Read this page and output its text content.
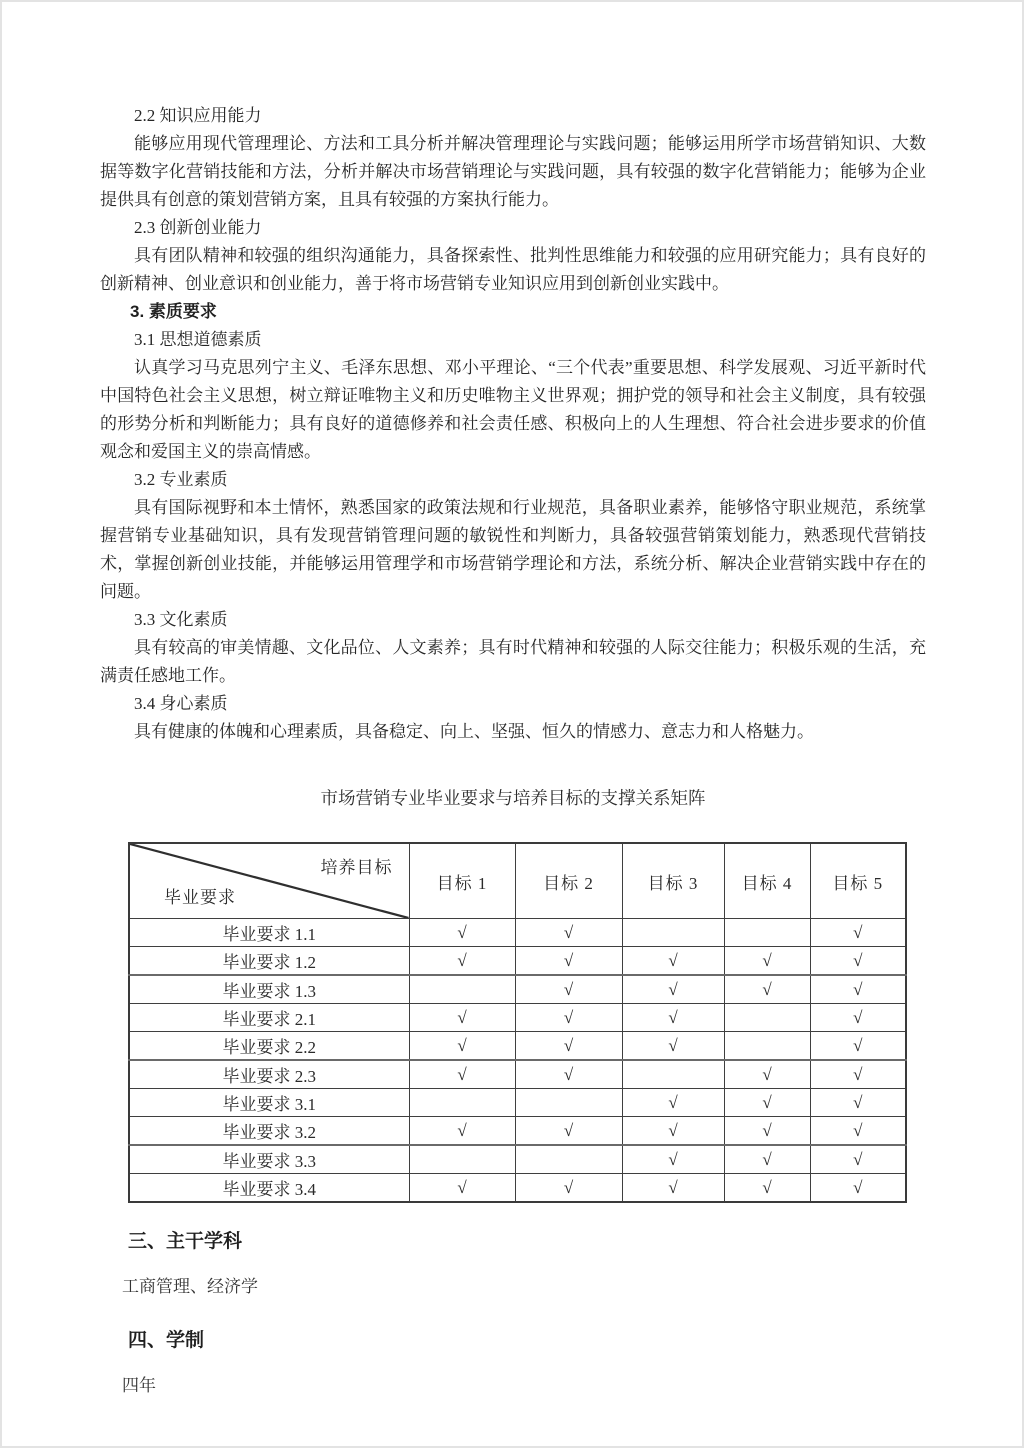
2.2 知识应用能力

能够应用现代管理理论、方法和工具分析并解决管理理论与实践问题；能够运用所学市场营销知识、大数据等数字化营销技能和方法，分析并解决市场营销理论与实践问题，具有较强的数字化营销能力；能够为企业提供具有创意的策划营销方案，且具有较强的方案执行能力。

2.3 创新创业能力

具有团队精神和较强的组织沟通能力，具备探索性、批判性思维能力和较强的应用研究能力；具有良好的创新精神、创业意识和创业能力，善于将市场营销专业知识应用到创新创业实践中。

3. 素质要求

3.1 思想道德素质

认真学习马克思列宁主义、毛泽东思想、邓小平理论、“三个代表”重要思想、科学发展观、习近平新时代中国特色社会主义思想，树立辩证唯物主义和历史唯物主义世界观；拥护党的领导和社会主义制度，具有较强的形势分析和判断能力；具有良好的道德修养和社会责任感、积极向上的人生理想、符合社会进步要求的价值观念和爱国主义的崇高情感。

3.2 专业素质

具有国际视野和本土情怀，熟悉国家的政策法规和行业规范，具备职业素养，能够恪守职业规范，系统掌握营销专业基础知识，具有发现营销管理问题的敏锐性和判断力，具备较强营销策划能力，熟悉现代营销技术，掌握创新创业技能，并能够运用管理学和市场营销学理论和方法，系统分析、解决企业营销实践中存在的问题。

3.3 文化素质

具有较高的审美情趣、文化品位、人文素养；具有时代精神和较强的人际交往能力；积极乐观的生活，充满责任感地工作。

3.4 身心素质

具有健康的体魄和心理素质，具备稳定、向上、坚强、恒久的情感力、意志力和人格魅力。

市场营销专业毕业要求与培养目标的支撑关系矩阵

培养目标
毕业要求	目标 1	目标 2	目标 3	目标 4	目标 5
毕业要求 1.1	√	√			√
毕业要求 1.2	√	√	√	√	√
毕业要求 1.3		√	√	√	√
毕业要求 2.1	√	√	√		√
毕业要求 2.2	√	√	√		√
毕业要求 2.3	√	√		√	√
毕业要求 3.1			√	√	√
毕业要求 3.2	√	√	√	√	√
毕业要求 3.3			√	√	√
毕业要求 3.4	√	√	√	√	√

三、主干学科

工商管理、经济学

四、学制

四年
